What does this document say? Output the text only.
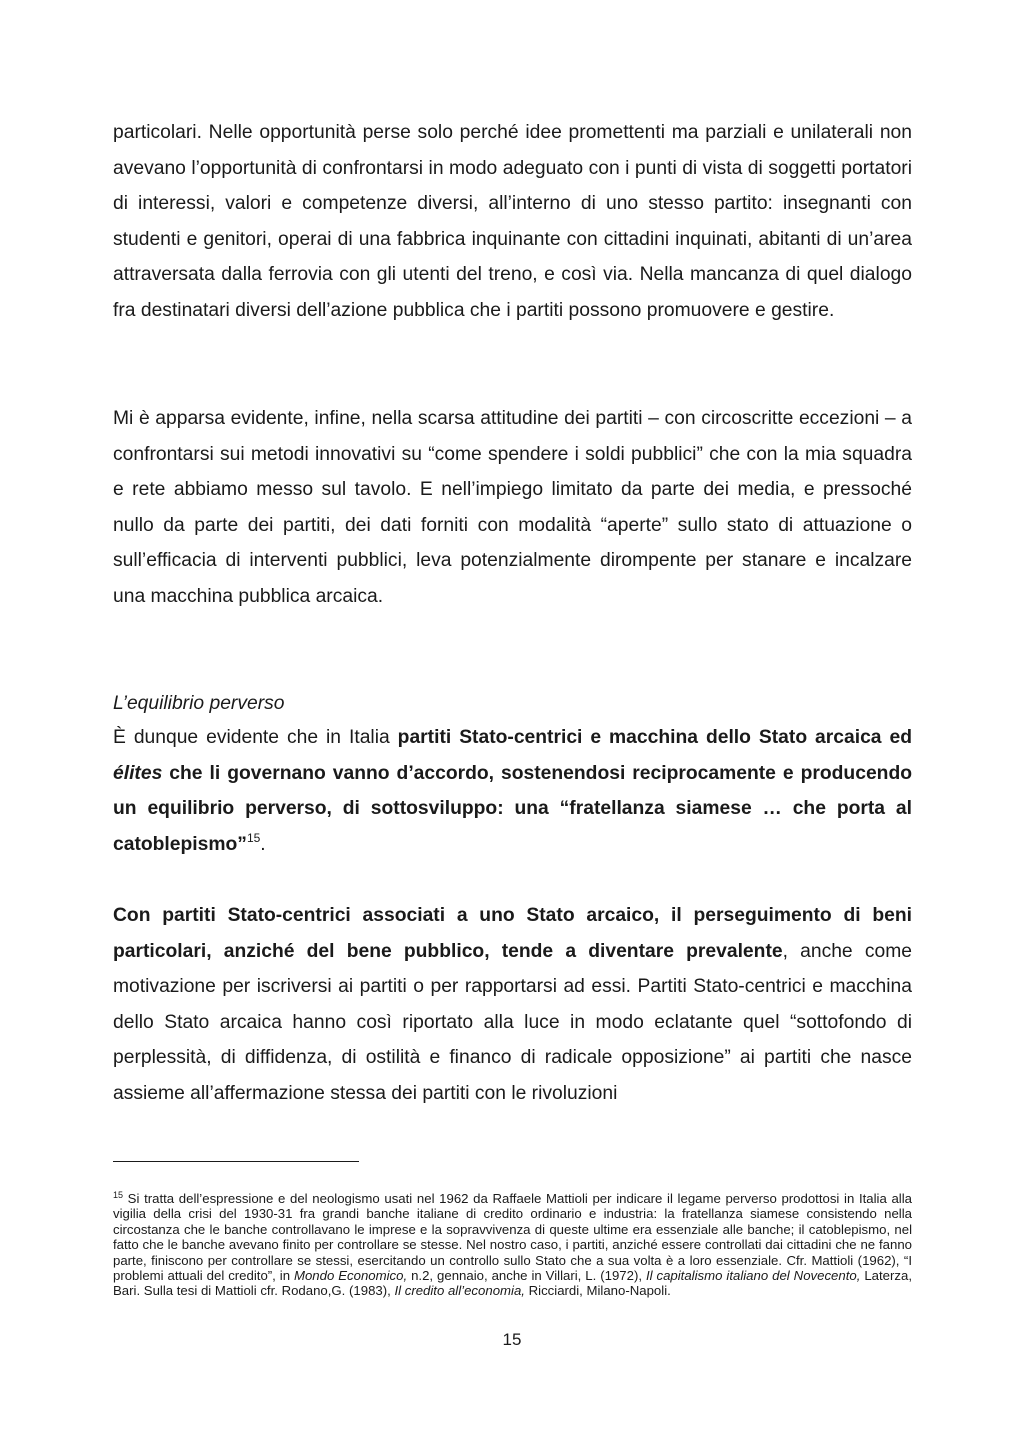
particolari. Nelle opportunità perse solo perché idee promettenti ma parziali e unilaterali non avevano l’opportunità di confrontarsi in modo adeguato con i punti di vista di soggetti portatori di interessi, valori e competenze diversi, all’interno di uno stesso partito: insegnanti con studenti e genitori, operai di una fabbrica inquinante con cittadini inquinati, abitanti di un’area attraversata dalla ferrovia con gli utenti del treno, e così via. Nella mancanza di quel dialogo fra destinatari diversi dell’azione pubblica che i partiti possono promuovere e gestire.

Mi è apparsa evidente, infine, nella scarsa attitudine dei partiti – con circoscritte eccezioni – a confrontarsi sui metodi innovativi su “come spendere i soldi pubblici” che con la mia squadra e rete abbiamo messo sul tavolo. E nell’impiego limitato da parte dei media, e pressoché nullo da parte dei partiti, dei dati forniti con modalità “aperte” sullo stato di attuazione o sull’efficacia di interventi pubblici, leva potenzialmente dirompente per stanare e incalzare una macchina pubblica arcaica.

L’equilibrio perverso

È dunque evidente che in Italia partiti Stato-centrici e macchina dello Stato arcaica ed élites che li governano vanno d’accordo, sostenendosi reciprocamente e producendo un equilibrio perverso, di sottosviluppo: una “fratellanza siamese … che porta al catoblepismo”$^{15}$.

Con partiti Stato-centrici associati a uno Stato arcaico, il perseguimento di beni particolari, anziché del bene pubblico, tende a diventare prevalente, anche come motivazione per iscriversi ai partiti o per rapportarsi ad essi. Partiti Stato-centrici e macchina dello Stato arcaica hanno così riportato alla luce in modo eclatante quel “sottofondo di perplessità, di diffidenza, di ostilità e financo di radicale opposizione” ai partiti che nasce assieme all’affermazione stessa dei partiti con le rivoluzioni

$^{15}$ Si tratta dell’espressione e del neologismo usati nel 1962 da Raffaele Mattioli per indicare il legame perverso prodottosi in Italia alla vigilia della crisi del 1930-31 fra grandi banche italiane di credito ordinario e industria: la fratellanza siamese consistendo nella circostanza che le banche controllavano le imprese e la sopravvivenza di queste ultime era essenziale alle banche; il catoblepismo, nel fatto che le banche avevano finito per controllare se stesse. Nel nostro caso, i partiti, anziché essere controllati dai cittadini che ne fanno parte, finiscono per controllare se stessi, esercitando un controllo sullo Stato che a sua volta è a loro essenziale. Cfr. Mattioli (1962), “I problemi attuali del credito”, in Mondo Economico, n.2, gennaio, anche in Villari, L. (1972), Il capitalismo italiano del Novecento, Laterza, Bari. Sulla tesi di Mattioli cfr. Rodano,G. (1983), Il credito all’economia, Ricciardi, Milano-Napoli.

15
